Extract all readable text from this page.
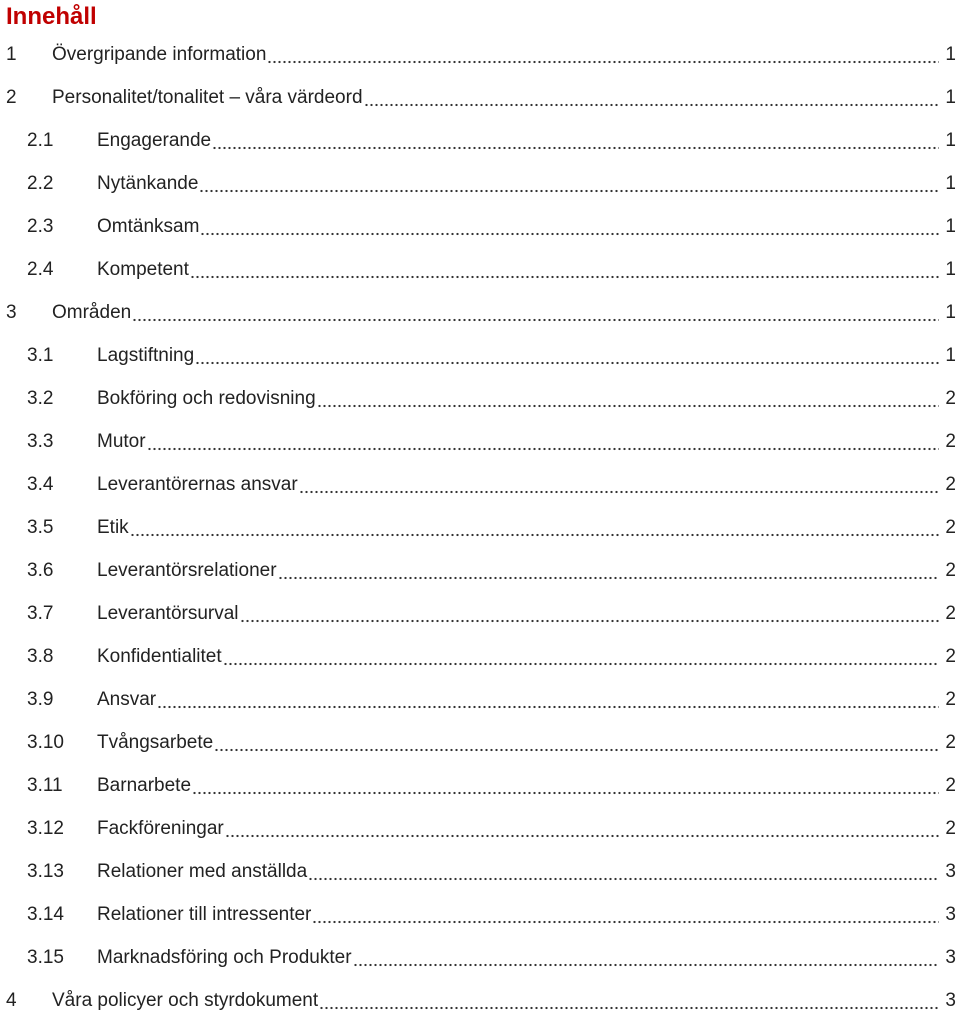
Innehåll
1	Övergripande information	1
2	Personalitet/tonalitet – våra värdeord	1
2.1	Engagerande	1
2.2	Nytänkande	1
2.3	Omtänksam	1
2.4	Kompetent	1
3	Områden	1
3.1	Lagstiftning	1
3.2	Bokföring och redovisning	2
3.3	Mutor	2
3.4	Leverantörernas ansvar	2
3.5	Etik	2
3.6	Leverantörsrelationer	2
3.7	Leverantörsurval	2
3.8	Konfidentialitet	2
3.9	Ansvar	2
3.10	Tvångsarbete	2
3.11	Barnarbete	2
3.12	Fackföreningar	2
3.13	Relationer med anställda	3
3.14	Relationer till intressenter	3
3.15	Marknadsföring och Produkter	3
4	Våra policyer och styrdokument	3
